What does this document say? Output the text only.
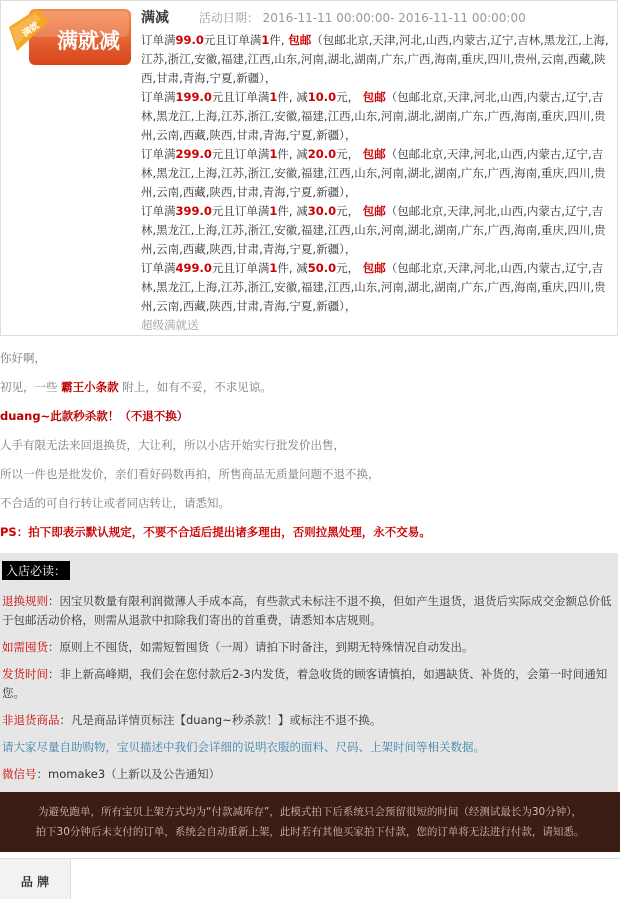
满就 满就减
满减 活动日期： 2016-11-11 00:00:00- 2016-11-11 00:00:00
订单满99.0元且订单满1件, 包邮（包邮北京,天津,河北,山西,内蒙古,辽宁,吉林,黑龙江,上海,江苏,浙江,安徽,福建,江西,山东,河南,湖北,湖南,广东,广西,海南,重庆,四川,贵州,云南,西藏,陕西,甘肃,青海,宁夏,新疆），
订单满199.0元且订单满1件, 减10.0元， 包邮（包邮北京,天津,河北,山西,内蒙古,辽宁,吉林,黑龙江,上海,江苏,浙江,安徽,福建,江西,山东,河南,湖北,湖南,广东,广西,海南,重庆,四川,贵州,云南,西藏,陕西,甘肃,青海,宁夏,新疆），
订单满299.0元且订单满1件, 减20.0元， 包邮（包邮北京,天津,河北,山西,内蒙古,辽宁,吉林,黑龙江,上海,江苏,浙江,安徽,福建,江西,山东,河南,湖北,湖南,广东,广西,海南,重庆,四川,贵州,云南,西藏,陕西,甘肃,青海,宁夏,新疆），
订单满399.0元且订单满1件, 减30.0元， 包邮（包邮北京,天津,河北,山西,内蒙古,辽宁,吉林,黑龙江,上海,江苏,浙江,安徽,福建,江西,山东,河南,湖北,湖南,广东,广西,海南,重庆,四川,贵州,云南,西藏,陕西,甘肃,青海,宁夏,新疆），
订单满499.0元且订单满1件, 减50.0元， 包邮（包邮北京,天津,河北,山西,内蒙古,辽宁,吉林,黑龙江,上海,江苏,浙江,安徽,福建,江西,山东,河南,湖北,湖南,广东,广西,海南,重庆,四川,贵州,云南,西藏,陕西,甘肃,青海,宁夏,新疆），
超级满就送
你好啊，
初见，一些 霸王小条款 附上，如有不妥，不求见谅。
duang~此款秒杀款！（不退不换）
人手有限无法来回退换货，大让利，所以小店开始实行批发价出售，
所以一件也是批发价，亲们看好码数再拍，所售商品无质量问题不退不换，
不合适的可自行转让或者同店转让，请悉知。
PS：拍下即表示默认规定，不要不合适后提出诸多理由，否则拉黑处理，永不交易。
入店必读：
退换规则：因宝贝数量有限利润微薄人手成本高，有些款式未标注不退不换，但如产生退货，退货后实际成交金额总价低于包邮活动价格，则需从退款中扣除我们寄出的首重费，请悉知本店规则。
如需囤货：原则上不囤货，如需短暂囤货（一周）请拍下时备注，到期无特殊情况自动发出。
发货时间：非上新高峰期，我们会在您付款后2-3内发货，着急收货的顾客请慎拍，如遇缺货、补货的，会第一时间通知您。
非退货商品：凡是商品详情页标注【duang~秒杀款！】或标注不退不换。
请大家尽量自助购物，宝贝描述中我们会详细的说明衣服的面料、尺码、上架时间等相关数据。
微信号：momake3（上新以及公告通知）
为避免跑单，所有宝贝上架方式均为“付款减库存”，此模式拍下后系统只会预留很短的时间（经测试最长为30分钟），
拍下30分钟后未支付的订单，系统会自动重新上架，此时若有其他买家拍下付款，您的订单将无法进行付款，请知悉。
品 牌
